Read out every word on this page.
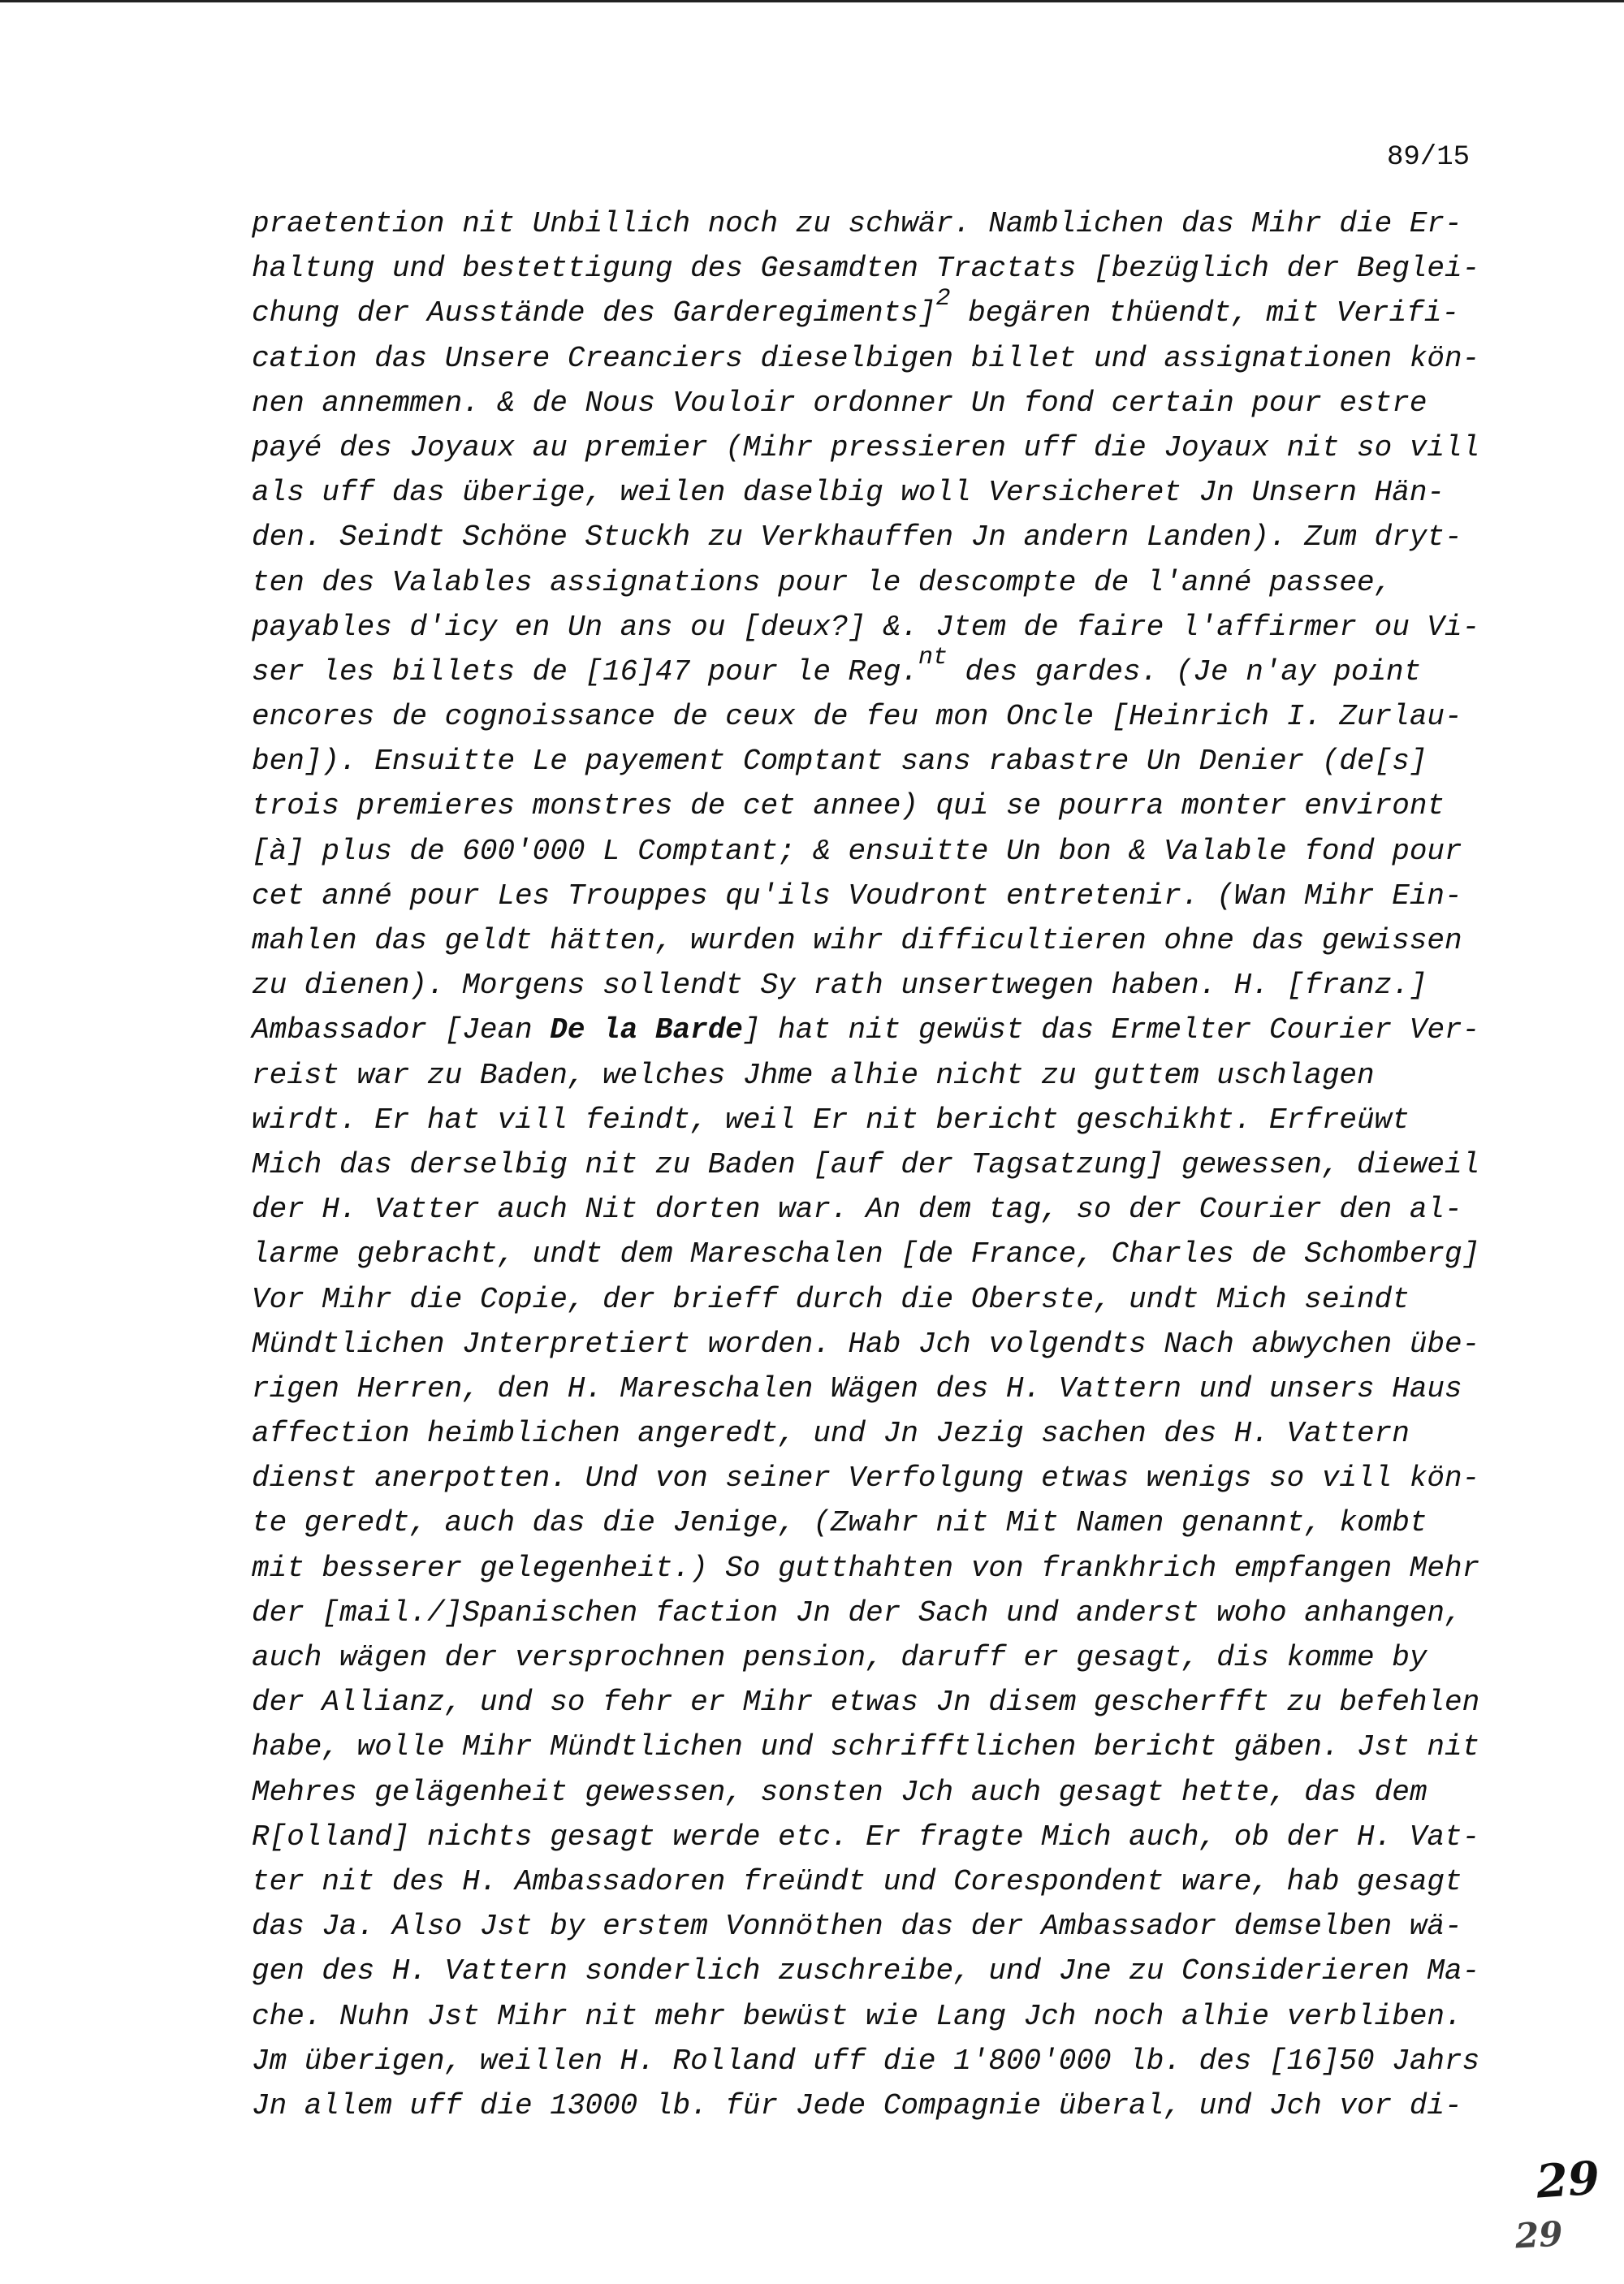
89/15
praetention nit Unbillich noch zu schwär. Namblichen das Mihr die Er-
haltung und bestettigung des Gesamdten Tractats [bezüglich der Beglei-
chung der Ausstände des Garderegiments]$^2$ begären thüendt, mit Verifi-
cation das Unsere Creanciers dieselbigen billet und assignationen kön-
nen annemmen. & de Nous Vouloir ordonner Un fond certain pour estre
payé des Joyaux au premier (Mihr pressieren uff die Joyaux nit so vill
als uff das überige, weilen daselbig woll Versicheret Jn Unsern Hän-
den. Seindt Schöne Stuckh zu Verkhauffen Jn andern Landen). Zum dryt-
ten des Valables assignations pour le descompte de l'anné passee,
payables d'icy en Un ans ou [deux?] &. Jtem de faire l'affirmer ou Vi-
ser les billets de [16]47 pour le Reg.$^{nt}$ des gardes. (Je n'ay point
encores de cognoissance de ceux de feu mon Oncle [Heinrich I. Zurlau-
ben]). Ensuitte Le payement Comptant sans rabastre Un Denier (de[s]
trois premieres monstres de cet annee) qui se pourra monter environt
[à] plus de 600'000 L Comptant; & ensuitte Un bon & Valable fond pour
cet anné pour Les Trouppes qu'ils Voudront entretenir. (Wan Mihr Ein-
mahlen das geldt hätten, wurden wihr difficultieren ohne das gewissen
zu dienen). Morgens sollendt Sy rath unsertwegen haben. H. [franz.]
Ambassador [Jean De la Barde] hat nit gewüst das Ermelter Courier Ver-
reist war zu Baden, welches Jhme alhie nicht zu guttem uschlagen
wirdt. Er hat vill feindt, weil Er nit bericht geschikht. Erfreüwt
Mich das derselbig nit zu Baden [auf der Tagsatzung] gewessen, dieweil
der H. Vatter auch Nit dorten war. An dem tag, so der Courier den al-
larme gebracht, undt dem Mareschalen [de France, Charles de Schomberg]
Vor Mihr die Copie, der brieff durch die Oberste, undt Mich seindt
Mündtlichen Jnterpretiert worden. Hab Jch volgendts Nach abwychen übe-
rigen Herren, den H. Mareschalen Wägen des H. Vattern und unsers Haus
affection heimblichen angeredt, und Jn Jezig sachen des H. Vattern
dienst anerpotten. Und von seiner Verfolgung etwas wenigs so vill kön-
te geredt, auch das die Jenige, (Zwahr nit Mit Namen genannt, kombt
mit besserer gelegenheit.) So gutthahten von frankhrich empfangen Mehr
der [mail./]Spanischen faction Jn der Sach und anderst woho anhangen,
auch wägen der versprochnen pension, daruff er gesagt, dis komme by
der Allianz, und so fehr er Mihr etwas Jn disem gescherfft zu befehlen
habe, wolle Mihr Mündtlichen und schrifftlichen bericht gäben. Jst nit
Mehres gelägenheit gewessen, sonsten Jch auch gesagt hette, das dem
R[olland] nichts gesagt werde etc. Er fragte Mich auch, ob der H. Vat-
ter nit des H. Ambassadoren freündt und Corespondent ware, hab gesagt
das Ja. Also Jst by erstem Vonnöthen das der Ambassador demselben wä-
gen des H. Vattern sonderlich zuschreibe, und Jne zu Considerieren Ma-
che. Nuhn Jst Mihr nit mehr bewüst wie Lang Jch noch alhie verbliben.
Jm überigen, weillen H. Rolland uff die 1'800'000 lb. des [16]50 Jahrs
Jn allem uff die 13000 lb. für Jede Compagnie überal, und Jch vor di-
29
29
